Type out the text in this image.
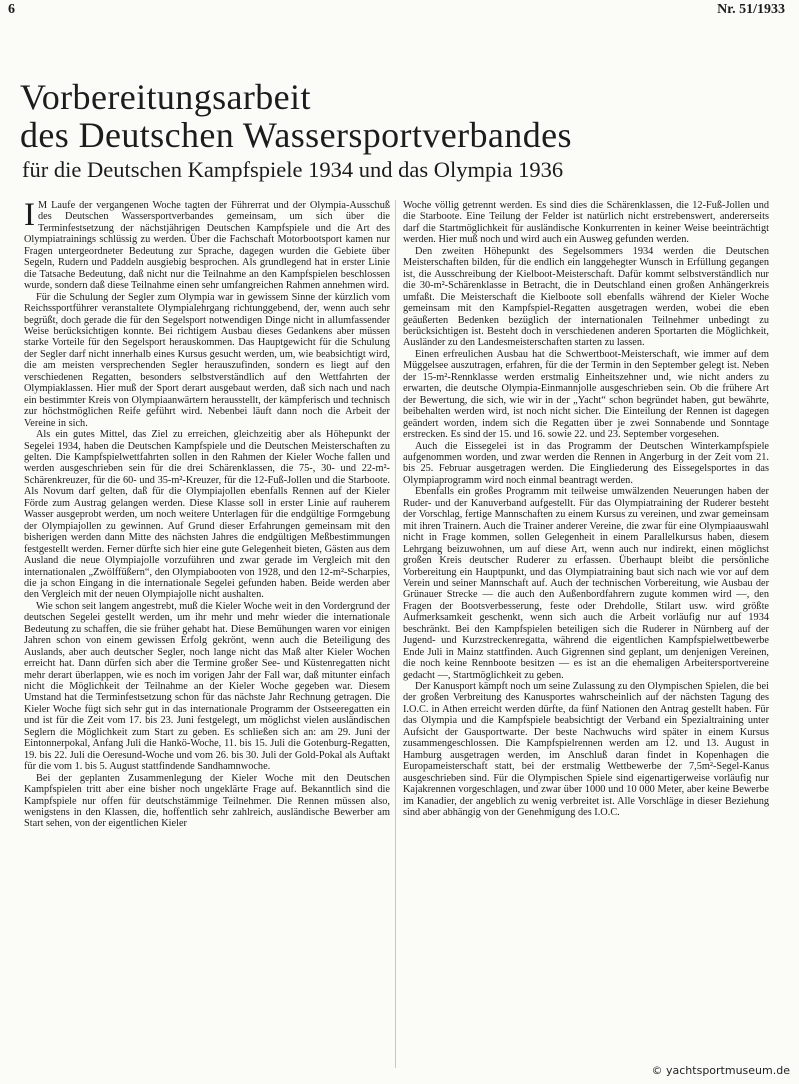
6	Nr. 51/1933
Vorbereitungsarbeit
des Deutschen Wassersportverbandes
für die Deutschen Kampfspiele 1934 und das Olympia 1936

I M Laufe der vergangenen Woche tagten der Führerrat und der Olympia-Ausschuß des Deutschen Wassersportverbandes gemeinsam, um sich über die Terminfestsetzung der nächstjährigen Deutschen Kampfspiele und die Art des Olympiatrainings schlüssig zu werden. Über die Fachschaft Motorbootsport kamen nur Fragen untergeordneter Bedeutung zur Sprache, dagegen wurden die Gebiete über Segeln, Rudern und Paddeln ausgiebig besprochen. Als grundlegend hat in erster Linie die Tatsache Bedeutung, daß nicht nur die Teilnahme an den Kampfspielen beschlossen wurde, sondern daß diese Teilnahme einen sehr umfangreichen Rahmen annehmen wird.

Für die Schulung der Segler zum Olympia war in gewissem Sinne der kürzlich vom Reichssportführer veranstaltete Olympialehrgang richtunggebend, der, wenn auch sehr begrüßt, doch gerade die für den Segelsport notwendigen Dinge nicht in allumfassender Weise berücksichtigen konnte. Bei richtigem Ausbau dieses Gedankens aber müssen starke Vorteile für den Segelsport herauskommen. Das Hauptgewicht für die Schulung der Segler darf nicht innerhalb eines Kursus gesucht werden, um, wie beabsichtigt wird, die am meisten versprechenden Segler herauszufinden, sondern es liegt auf den verschiedenen Regatten, besonders selbstverständlich auf den Wettfahrten der Olympiaklassen. Hier muß der Sport derart ausgebaut werden, daß sich nach und nach ein bestimmter Kreis von Olympiaanwärtern herausstellt, der kämpferisch und technisch zur höchstmöglichen Reife geführt wird. Nebenbei läuft dann noch die Arbeit der Vereine in sich.

Als ein gutes Mittel, das Ziel zu erreichen, gleichzeitig aber als Höhepunkt der Segelei 1934, haben die Deutschen Kampfspiele und die Deutschen Meisterschaften zu gelten. Die Kampfspielwettfahrten sollen in den Rahmen der Kieler Woche fallen und werden ausgeschrieben sein für die drei Schärenklassen, die 75-, 30- und 22-m²-Schärenkreuzer, für die 60- und 35-m²-Kreuzer, für die 12-Fuß-Jollen und die Starboote. Als Novum darf gelten, daß für die Olympiajollen ebenfalls Rennen auf der Kieler Förde zum Austrag gelangen werden. Diese Klasse soll in erster Linie auf rauherem Wasser ausgeprobt werden, um noch weitere Unterlagen für die endgültige Formgebung der Olympiajollen zu gewinnen. Auf Grund dieser Erfahrungen gemeinsam mit den bisherigen werden dann Mitte des nächsten Jahres die endgültigen Meßbestimmungen festgestellt werden. Ferner dürfte sich hier eine gute Gelegenheit bieten, Gästen aus dem Ausland die neue Olympiajolle vorzuführen und zwar gerade im Vergleich mit den internationalen „Zwölffüßern“, den Olympiabooten von 1928, und den 12-m²-Scharpies, die ja schon Eingang in die internationale Segelei gefunden haben. Beide werden aber den Vergleich mit der neuen Olympiajolle nicht aushalten.

Wie schon seit langem angestrebt, muß die Kieler Woche weit in den Vordergrund der deutschen Segelei gestellt werden, um ihr mehr und mehr wieder die internationale Bedeutung zu schaffen, die sie früher gehabt hat. Diese Bemühungen waren vor einigen Jahren schon von einem gewissen Erfolg gekrönt, wenn auch die Beteiligung des Auslands, aber auch deutscher Segler, noch lange nicht das Maß alter Kieler Wochen erreicht hat. Dann dürfen sich aber die Termine großer See- und Küstenregatten nicht mehr derart überlappen, wie es noch im vorigen Jahr der Fall war, daß mitunter einfach nicht die Möglichkeit der Teilnahme an der Kieler Woche gegeben war. Diesem Umstand hat die Terminfestsetzung schon für das nächste Jahr Rechnung getragen. Die Kieler Woche fügt sich sehr gut in das internationale Programm der Ostseeregatten ein und ist für die Zeit vom 17. bis 23. Juni festgelegt, um möglichst vielen ausländischen Seglern die Möglichkeit zum Start zu geben. Es schließen sich an: am 29. Juni der Eintonnerpokal, Anfang Juli die Hankö-Woche, 11. bis 15. Juli die Gotenburg-Regatten, 19. bis 22. Juli die Oeresund-Woche und vom 26. bis 30. Juli der Gold-Pokal als Auftakt für die vom 1. bis 5. August stattfindende Sandhamnwoche.

Bei der geplanten Zusammenlegung der Kieler Woche mit den Deutschen Kampfspielen tritt aber eine bisher noch ungeklärte Frage auf. Bekanntlich sind die Kampfspiele nur offen für deutschstämmige Teilnehmer. Die Rennen müssen also, wenigstens in den Klassen, die, hoffentlich sehr zahlreich, ausländische Bewerber am Start sehen, von der eigentlichen Kieler

Woche völlig getrennt werden. Es sind dies die Schärenklassen, die 12-Fuß-Jollen und die Starboote. Eine Teilung der Felder ist natürlich nicht erstrebenswert, andererseits darf die Startmöglichkeit für ausländische Konkurrenten in keiner Weise beeinträchtigt werden. Hier muß noch und wird auch ein Ausweg gefunden werden.

Den zweiten Höhepunkt des Segelsommers 1934 werden die Deutschen Meisterschaften bilden, für die endlich ein langgehegter Wunsch in Erfüllung gegangen ist, die Ausschreibung der Kielboot-Meisterschaft. Dafür kommt selbstverständlich nur die 30-m²-Schärenklasse in Betracht, die in Deutschland einen großen Anhängerkreis umfaßt. Die Meisterschaft die Kielboote soll ebenfalls während der Kieler Woche gemeinsam mit den Kampfspiel-Regatten ausgetragen werden, wobei die eben geäußerten Bedenken bezüglich der internationalen Teilnehmer unbedingt zu berücksichtigen ist. Besteht doch in verschiedenen anderen Sportarten die Möglichkeit, Ausländer zu den Landesmeisterschaften starten zu lassen.

Einen erfreulichen Ausbau hat die Schwertboot-Meisterschaft, wie immer auf dem Müggelsee auszutragen, erfahren, für die der Termin in den September gelegt ist. Neben der 15-m²-Rennklasse werden erstmalig Einheitszehner und, wie nicht anders zu erwarten, die deutsche Olympia-Einmannjolle ausgeschrieben sein. Ob die frühere Art der Bewertung, die sich, wie wir in der „Yacht“ schon begründet haben, gut bewährte, beibehalten werden wird, ist noch nicht sicher. Die Einteilung der Rennen ist dagegen geändert worden, indem sich die Regatten über je zwei Sonnabende und Sonntage erstrecken. Es sind der 15. und 16. sowie 22. und 23. September vorgesehen.

Auch die Eissegelei ist in das Programm der Deutschen Winterkampfspiele aufgenommen worden, und zwar werden die Rennen in Angerburg in der Zeit vom 21. bis 25. Februar ausgetragen werden. Die Eingliederung des Eissegelsportes in das Olympiaprogramm wird noch einmal beantragt werden.

Ebenfalls ein großes Programm mit teilweise umwälzenden Neuerungen haben der Ruder- und der Kanuverband aufgestellt. Für das Olympiatraining der Ruderer besteht der Vorschlag, fertige Mannschaften zu einem Kursus zu vereinen, und zwar gemeinsam mit ihren Trainern. Auch die Trainer anderer Vereine, die zwar für eine Olympiaauswahl nicht in Frage kommen, sollen Gelegenheit in einem Parallelkursus haben, diesem Lehrgang beizuwohnen, um auf diese Art, wenn auch nur indirekt, einen möglichst großen Kreis deutscher Ruderer zu erfassen. Überhaupt bleibt die persönliche Vorbereitung ein Hauptpunkt, und das Olympiatraining baut sich nach wie vor auf dem Verein und seiner Mannschaft auf. Auch der technischen Vorbereitung, wie Ausbau der Grünauer Strecke — die auch den Außenbordfahrern zugute kommen wird —, den Fragen der Bootsverbesserung, feste oder Drehdolle, Stilart usw. wird größte Aufmerksamkeit geschenkt, wenn sich auch die Arbeit vorläufig nur auf 1934 beschränkt. Bei den Kampfspielen beteiligen sich die Ruderer in Nürnberg auf der Jugend- und Kurzstreckenregatta, während die eigentlichen Kampfspielwettbewerbe Ende Juli in Mainz stattfinden. Auch Gigrennen sind geplant, um denjenigen Vereinen, die noch keine Rennboote besitzen — es ist an die ehemaligen Arbeitersportvereine gedacht —, Startmöglichkeit zu geben.

Der Kanusport kämpft noch um seine Zulassung zu den Olympischen Spielen, die bei der großen Verbreitung des Kanusportes wahrscheinlich auf der nächsten Tagung des I.O.C. in Athen erreicht werden dürfte, da fünf Nationen den Antrag gestellt haben. Für das Olympia und die Kampfspiele beabsichtigt der Verband ein Spezialtraining unter Aufsicht der Gausportwarte. Der beste Nachwuchs wird später in einem Kursus zusammengeschlossen. Die Kampfspielrennen werden am 12. und 13. August in Hamburg ausgetragen werden, im Anschluß daran findet in Kopenhagen die Europameisterschaft statt, bei der erstmalig Wettbewerbe der 7,5m²-Segel-Kanus ausgeschrieben sind. Für die Olympischen Spiele sind eigenartigerweise vorläufig nur Kajakrennen vorgeschlagen, und zwar über 1000 und 10 000 Meter, aber keine Bewerbe im Kanadier, der angeblich zu wenig verbreitet ist. Alle Vorschläge in dieser Beziehung sind aber abhängig von der Genehmigung des I.O.C.

© yachtsportmuseum.de
